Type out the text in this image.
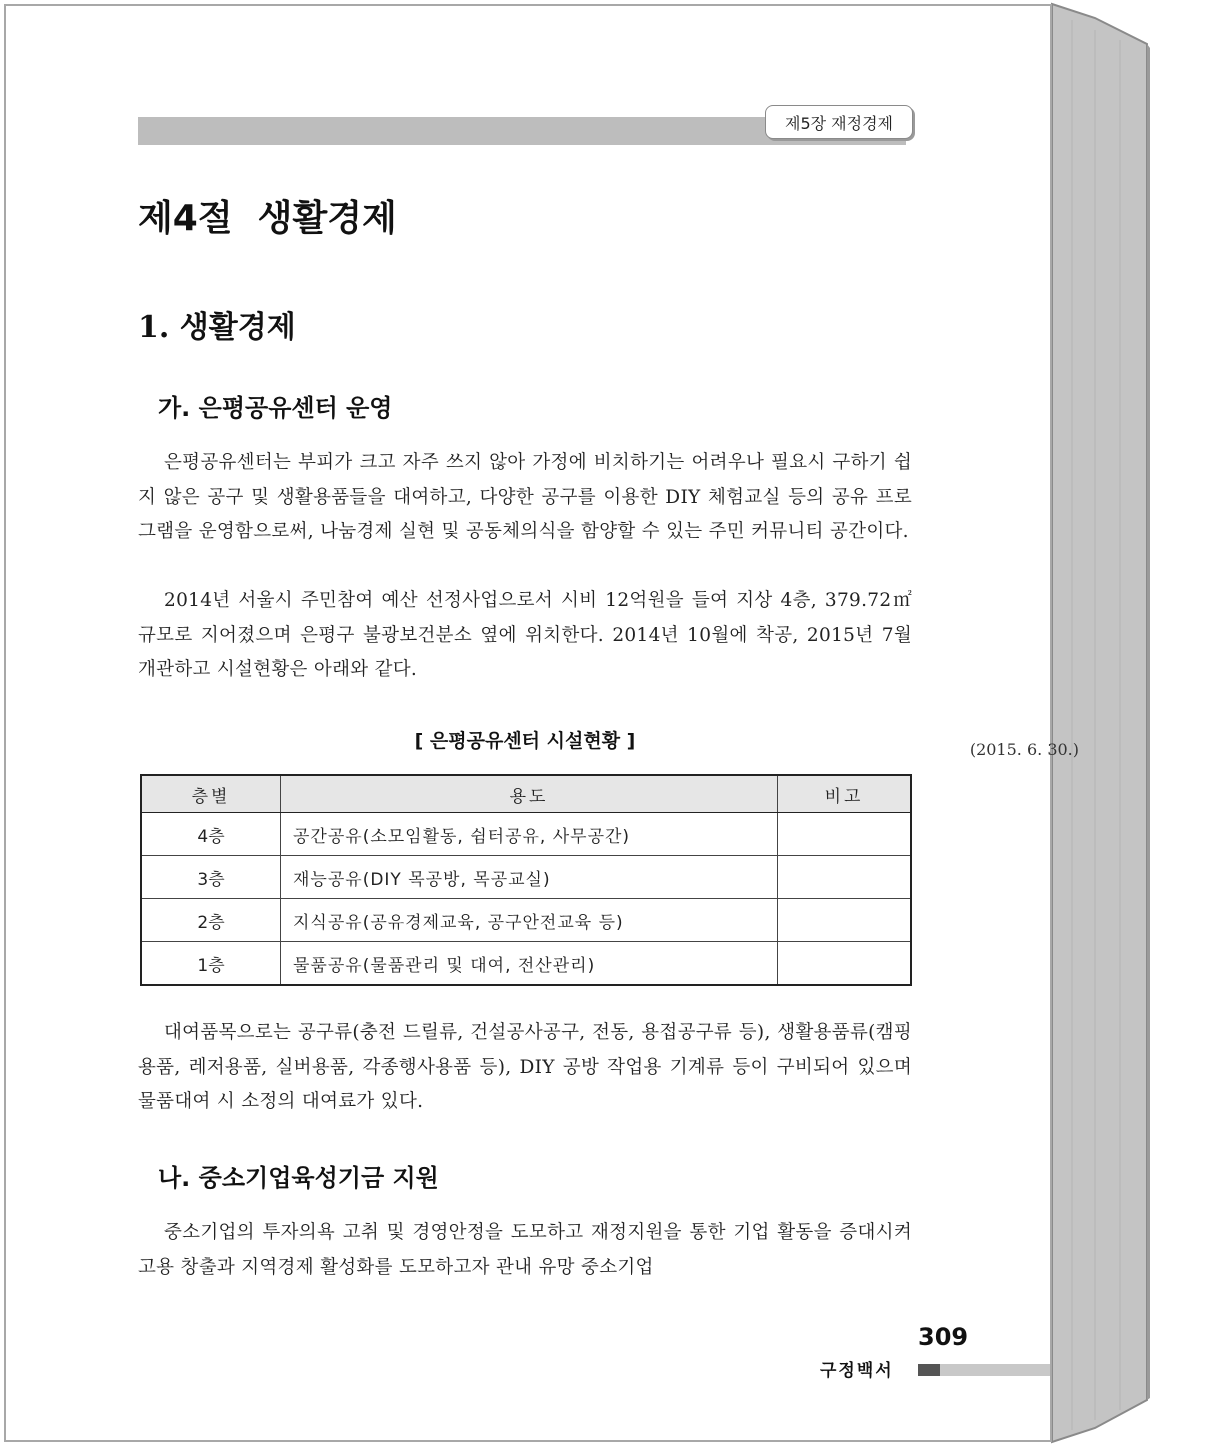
제5장 재정경제
제4절  생활경제
1. 생활경제
가. 은평공유센터 운영

은평공유센터는 부피가 크고 자주 쓰지 않아 가정에 비치하기는 어려우나 필요시 구하기 쉽지 않은 공구 및 생활용품들을 대여하고, 다양한 공구를 이용한 DIY 체험교실 등의 공유 프로그램을 운영함으로써, 나눔경제 실현 및 공동체의식을 함양할 수 있는 주민 커뮤니티 공간이다.

2014년 서울시 주민참여 예산 선정사업으로서 시비 12억원을 들여 지상 4층, 379.72㎡ 규모로 지어졌으며 은평구 불광보건분소 옆에 위치한다. 2014년 10월에 착공, 2015년 7월 개관하고 시설현황은 아래와 같다.

[ 은평공유센터 시설현황 ]	(2015. 6. 30.)
층별	용도	비고
4층	공간공유(소모임활동, 쉼터공유, 사무공간)	
3층	재능공유(DIY 목공방, 목공교실)	
2층	지식공유(공유경제교육, 공구안전교육 등)	
1층	물품공유(물품관리 및 대여, 전산관리)	

대여품목으로는 공구류(충전 드릴류, 건설공사공구, 전동, 용접공구류 등), 생활용품류(캠핑용품, 레저용품, 실버용품, 각종행사용품 등), DIY 공방 작업용 기계류 등이 구비되어 있으며 물품대여 시 소정의 대여료가 있다.

나. 중소기업육성기금 지원

중소기업의 투자의욕 고취 및 경영안정을 도모하고 재정지원을 통한 기업 활동을 증대시켜 고용 창출과 지역경제 활성화를 도모하고자 관내 유망 중소기업

309
구정백서
